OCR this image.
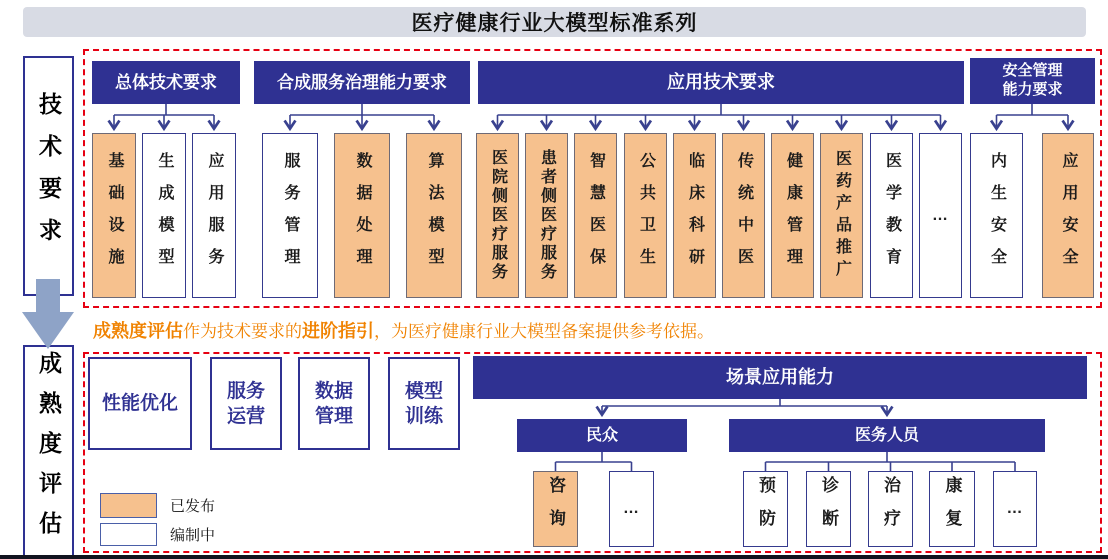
医疗健康行业大模型标准系列
技术要求
成熟度评估
总体技术要求	合成服务治理能力要求	应用技术要求
安全管理能力要求
基础设施 生成模型 应用服务	服务管理	数据处理	算法模型	医院侧医疗服务 患者侧医疗服务 智慧医保 公共卫生 临床科研 传统中医 健康管理 医药产品推广 医学教育 … 内生安全	应用安全
成熟度评估作为技术要求的进阶指引，为医疗健康行业大模型备案提供参考依据。
性能优化
服务运营
数据管理
模型训练
已发布
编制中
场景应用能力
民众	医务人员
咨询	…	预防	诊断	治疗	康复	…
